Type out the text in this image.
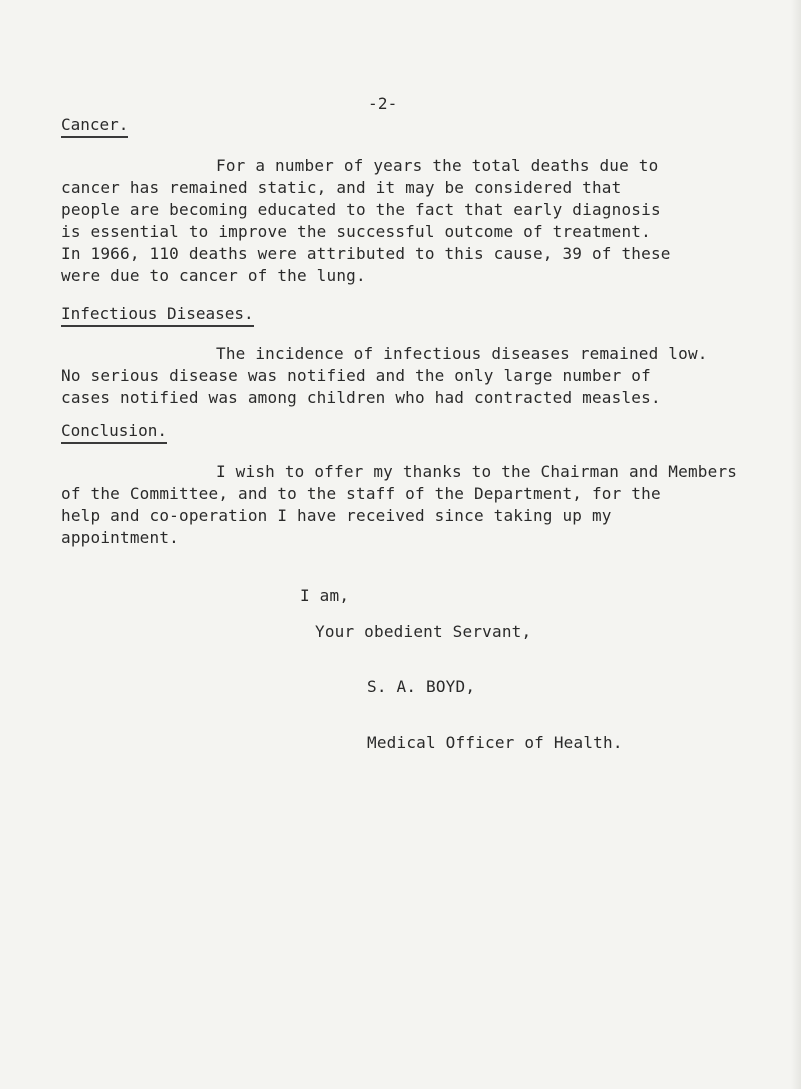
-2-
Cancer.
For a number of years the total deaths due to
cancer has remained static, and it may be considered that
people are becoming educated to the fact that early diagnosis
is essential to improve the successful outcome of treatment.
In 1966, 110 deaths were attributed to this cause, 39 of these
were due to cancer of the lung.
Infectious Diseases.
The incidence of infectious diseases remained low.
No serious disease was notified and the only large number of
cases notified was among children who had contracted measles.
Conclusion.
I wish to offer my thanks to the Chairman and Members
of the Committee, and to the staff of the Department, for the
help and co-operation I have received since taking up my
appointment.
I am,
Your obedient Servant,
S. A. BOYD,
Medical Officer of Health.
